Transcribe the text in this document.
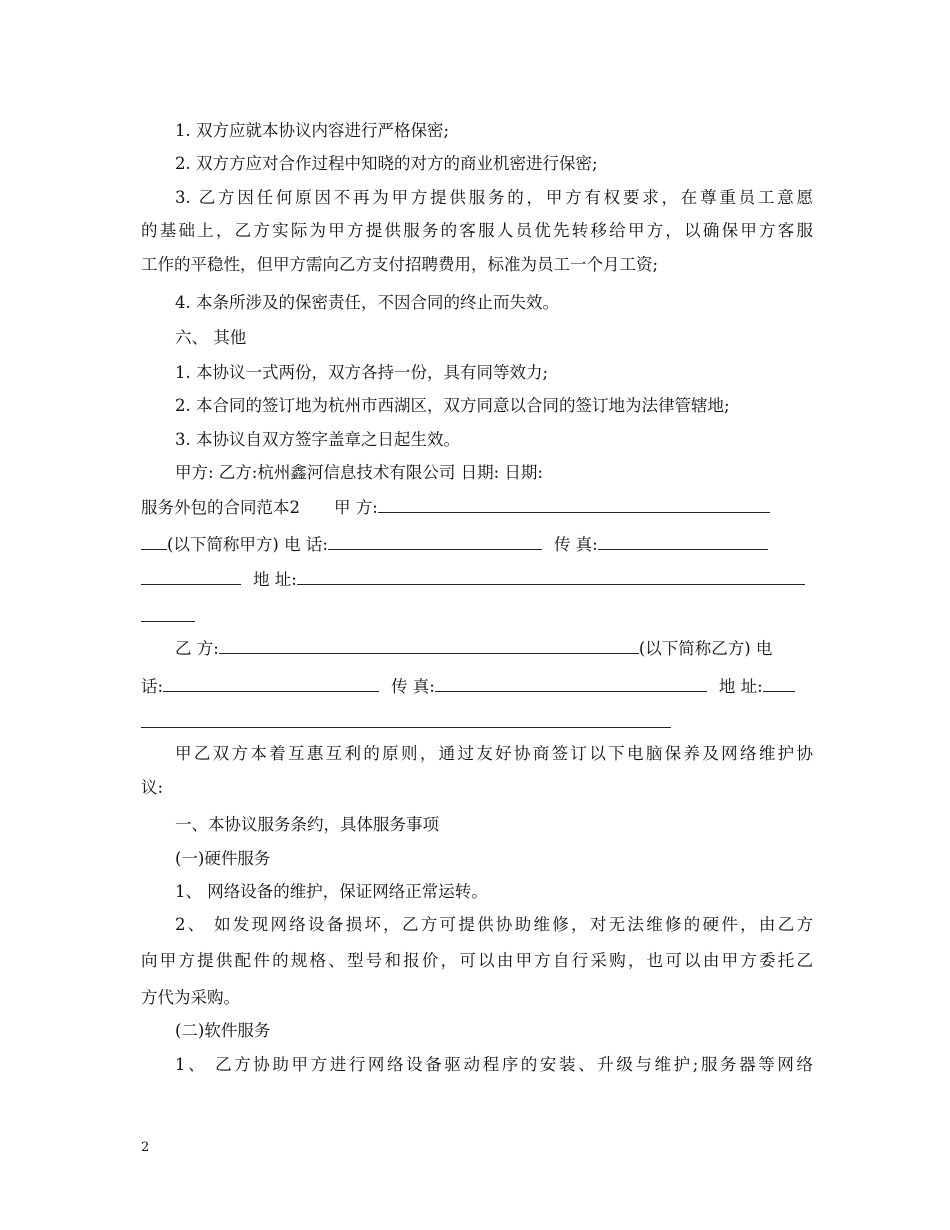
1. 双方应就本协议内容进行严格保密;
2. 双方方应对合作过程中知晓的对方的商业机密进行保密;
3. 乙方因任何原因不再为甲方提供服务的，甲方有权要求，在尊重员工意愿
的基础上，乙方实际为甲方提供服务的客服人员优先转移给甲方，以确保甲方客服
工作的平稳性，但甲方需向乙方支付招聘费用，标准为员工一个月工资;
4. 本条所涉及的保密责任，不因合同的终止而失效。
六、 其他
1. 本协议一式两份，双方各持一份，具有同等效力;
2. 本合同的签订地为杭州市西湖区，双方同意以合同的签订地为法律管辖地;
3. 本协议自双方签字盖章之日起生效。
甲方: 乙方:杭州鑫河信息技术有限公司 日期: 日期:
服务外包的合同范本2 甲 方:
(以下简称甲方) 电 话:	传 真:
地 址:
乙 方:	(以下简称乙方) 电
话:	传 真:	地 址:
甲乙双方本着互惠互利的原则，通过友好协商签订以下电脑保养及网络维护协
议:
一、本协议服务条约，具体服务事项
(一)硬件服务
1、 网络设备的维护，保证网络正常运转。
2、 如发现网络设备损坏，乙方可提供协助维修，对无法维修的硬件，由乙方
向甲方提供配件的规格、型号和报价，可以由甲方自行采购，也可以由甲方委托乙
方代为采购。
(二)软件服务
1、 乙方协助甲方进行网络设备驱动程序的安装、升级与维护;服务器等网络
2
